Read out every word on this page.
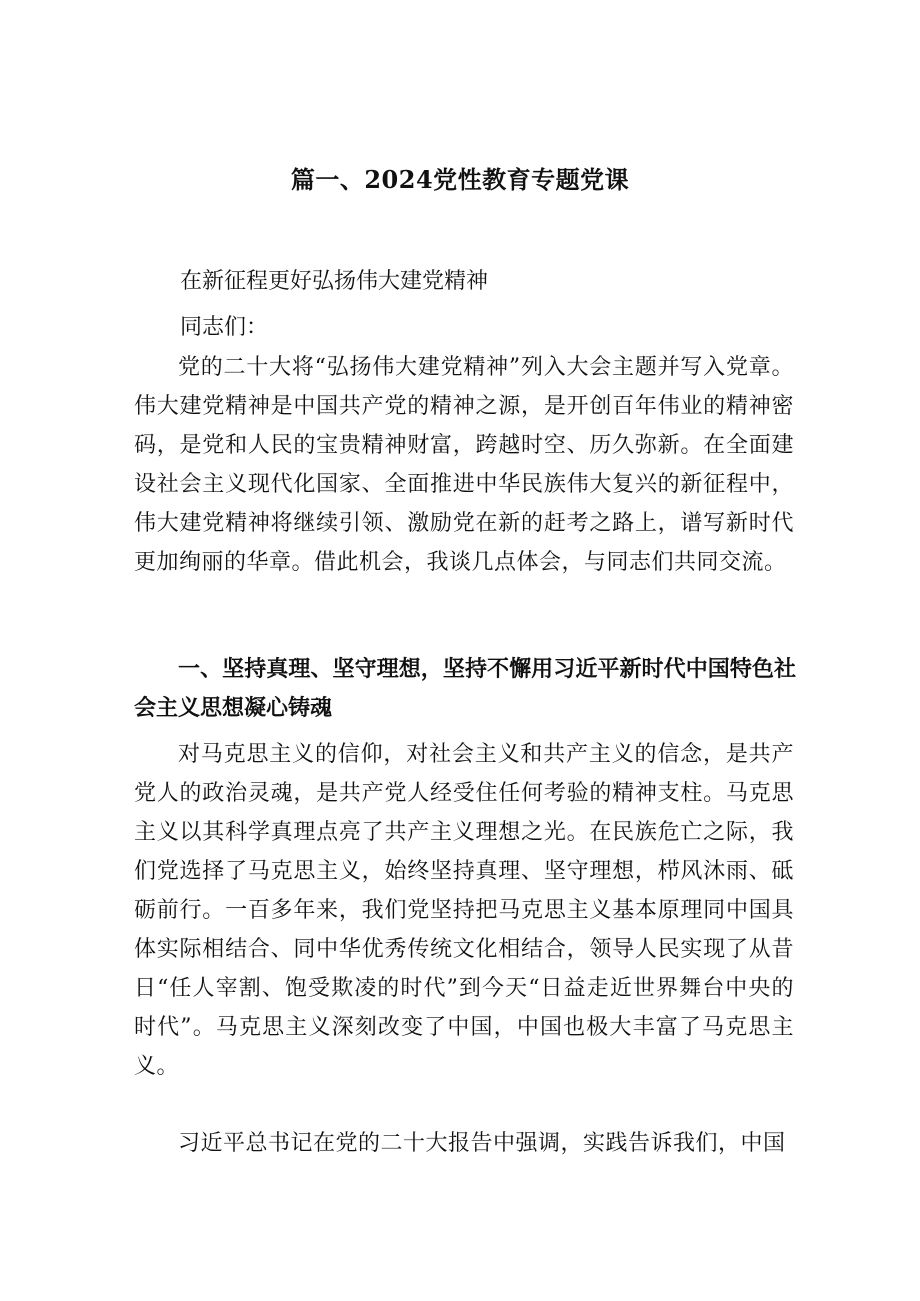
篇一、2024党性教育专题党课
在新征程更好弘扬伟大建党精神
同志们：
党的二十大将“弘扬伟大建党精神”列入大会主题并写入党章。伟大建党精神是中国共产党的精神之源，是开创百年伟业的精神密码，是党和人民的宝贵精神财富，跨越时空、历久弥新。在全面建设社会主义现代化国家、全面推进中华民族伟大复兴的新征程中，伟大建党精神将继续引领、激励党在新的赶考之路上，谱写新时代更加绚丽的华章。借此机会，我谈几点体会，与同志们共同交流。
一、坚持真理、坚守理想，坚持不懈用习近平新时代中国特色社会主义思想凝心铸魂
对马克思主义的信仰，对社会主义和共产主义的信念，是共产党人的政治灵魂，是共产党人经受住任何考验的精神支柱。马克思主义以其科学真理点亮了共产主义理想之光。在民族危亡之际，我们党选择了马克思主义，始终坚持真理、坚守理想，栉风沐雨、砥砺前行。一百多年来，我们党坚持把马克思主义基本原理同中国具体实际相结合、同中华优秀传统文化相结合，领导人民实现了从昔日“任人宰割、饱受欺凌的时代”到今天“日益走近世界舞台中央的时代”。马克思主义深刻改变了中国，中国也极大丰富了马克思主义。
习近平总书记在党的二十大报告中强调，实践告诉我们，中国
